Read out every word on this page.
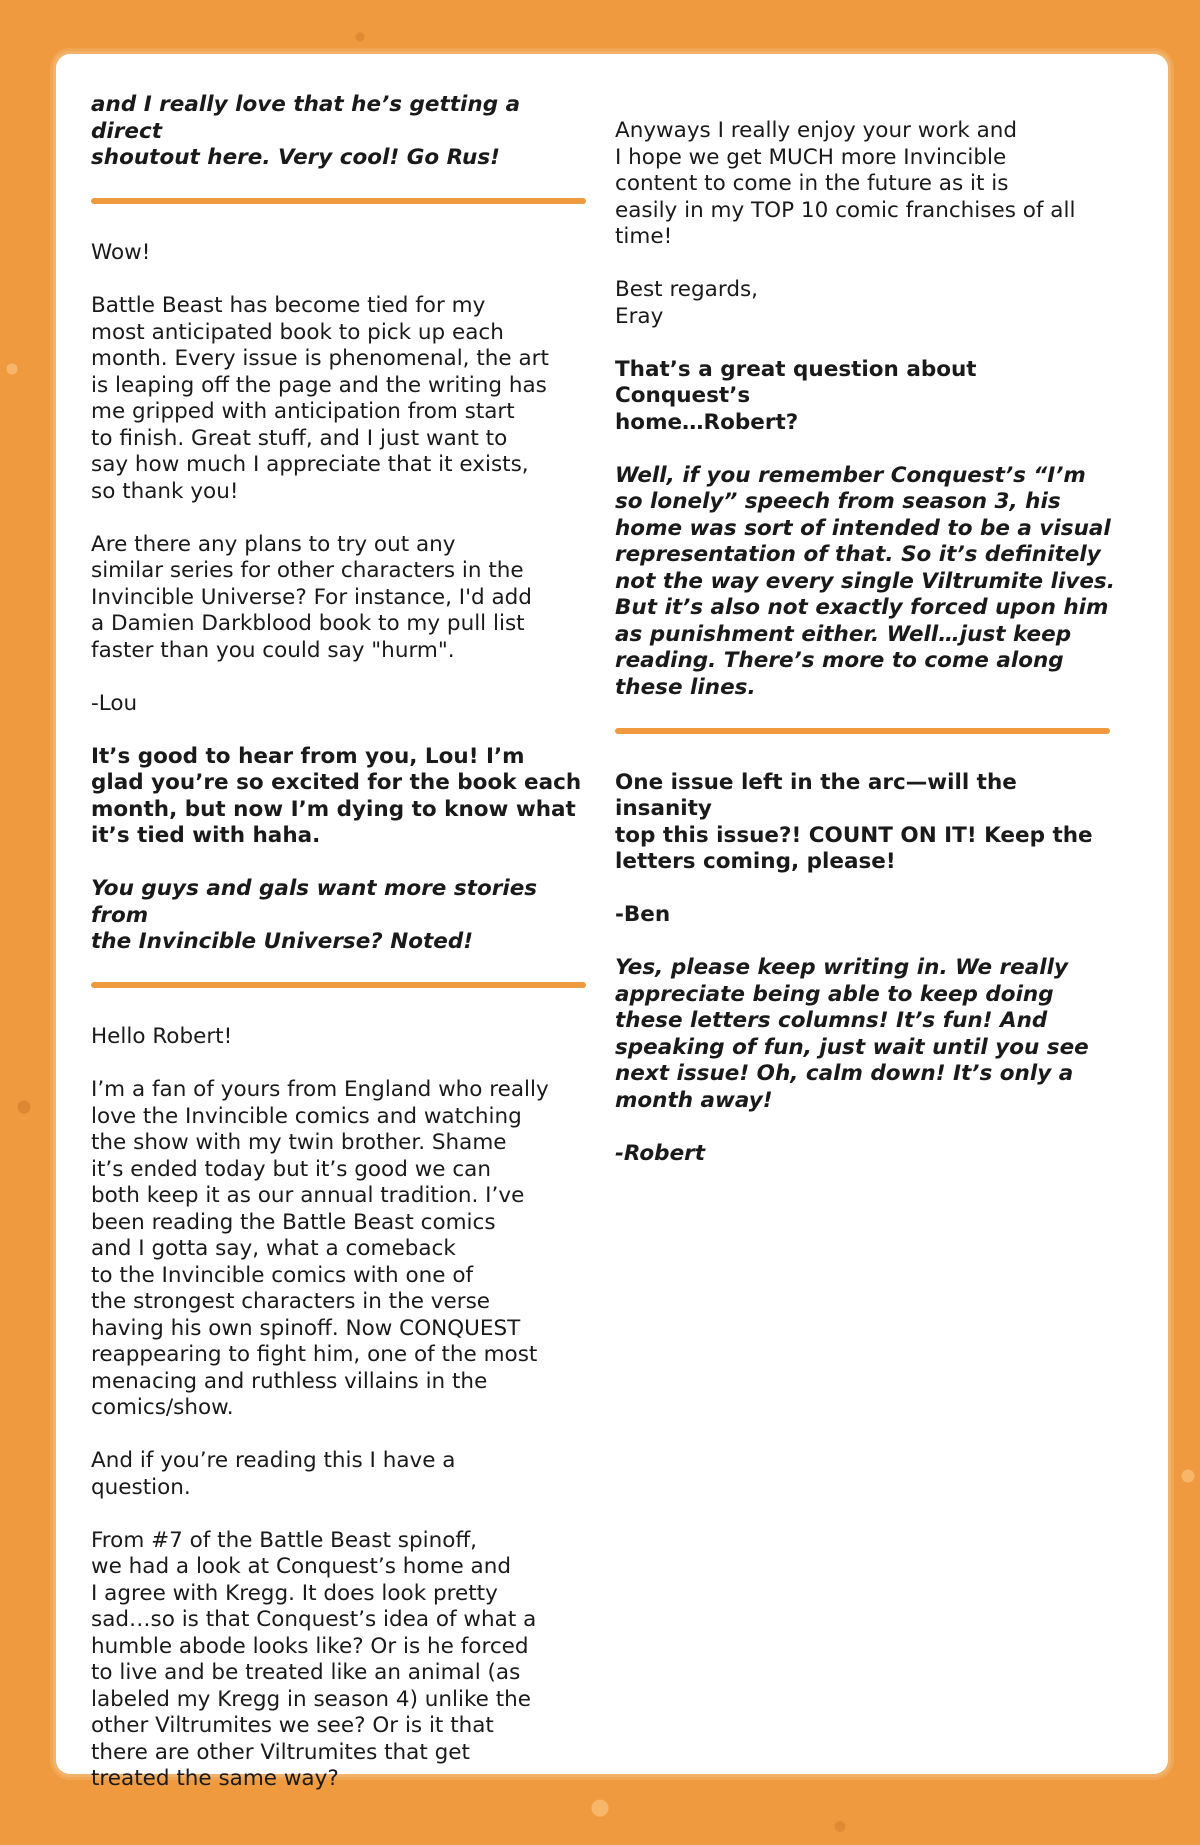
and I really love that he’s getting a direct
shoutout here. Very cool! Go Rus!

Wow!

Battle Beast has become tied for my
most anticipated book to pick up each
month. Every issue is phenomenal, the art
is leaping off the page and the writing has
me gripped with anticipation from start
to finish. Great stuff, and I just want to
say how much I appreciate that it exists,
so thank you!

Are there any plans to try out any
similar series for other characters in the
Invincible Universe? For instance, I'd add
a Damien Darkblood book to my pull list
faster than you could say "hurm".

-Lou

It’s good to hear from you, Lou! I’m
glad you’re so excited for the book each
month, but now I’m dying to know what
it’s tied with haha.

You guys and gals want more stories from
the Invincible Universe? Noted!

Hello Robert!

I’m a fan of yours from England who really
love the Invincible comics and watching
the show with my twin brother. Shame
it’s ended today but it’s good we can
both keep it as our annual tradition. I’ve
been reading the Battle Beast comics
and I gotta say, what a comeback
to the Invincible comics with one of
the strongest characters in the verse
having his own spinoff. Now CONQUEST
reappearing to fight him, one of the most
menacing and ruthless villains in the
comics/show.

And if you’re reading this I have a
question.

From #7 of the Battle Beast spinoff,
we had a look at Conquest’s home and
I agree with Kregg. It does look pretty
sad…so is that Conquest’s idea of what a
humble abode looks like? Or is he forced
to live and be treated like an animal (as
labeled my Kregg in season 4) unlike the
other Viltrumites we see? Or is it that
there are other Viltrumites that get
treated the same way?

Anyways I really enjoy your work and
I hope we get MUCH more Invincible
content to come in the future as it is
easily in my TOP 10 comic franchises of all
time!

Best regards,
Eray

That’s a great question about Conquest’s
home…Robert?

Well, if you remember Conquest’s “I’m
so lonely” speech from season 3, his
home was sort of intended to be a visual
representation of that. So it’s definitely
not the way every single Viltrumite lives.
But it’s also not exactly forced upon him
as punishment either. Well…just keep
reading. There’s more to come along
these lines.

One issue left in the arc—will the insanity
top this issue?! COUNT ON IT! Keep the
letters coming, please!

-Ben

Yes, please keep writing in. We really
appreciate being able to keep doing
these letters columns! It’s fun! And
speaking of fun, just wait until you see
next issue! Oh, calm down! It’s only a
month away!

-Robert
